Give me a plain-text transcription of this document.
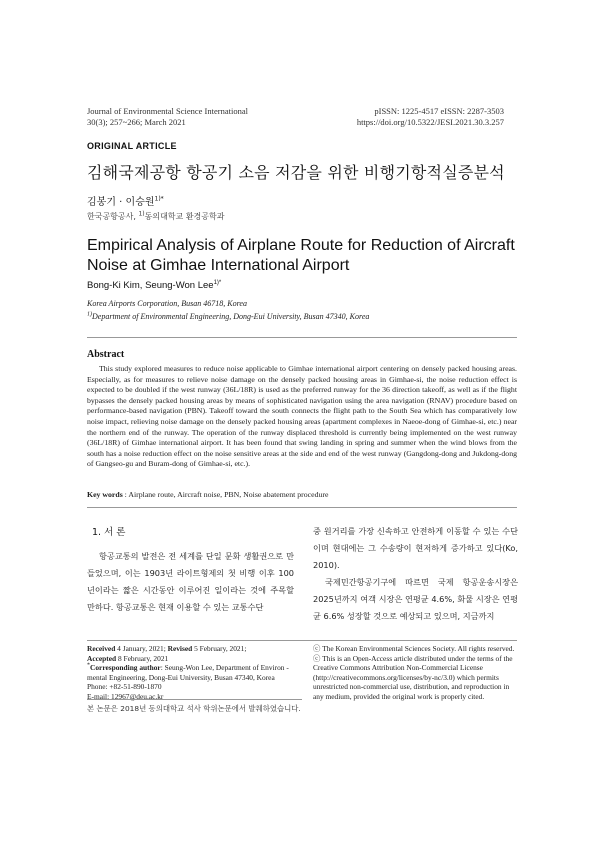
Journal of Environmental Science International
30(3); 257~266; March 2021
pISSN: 1225-4517 eISSN: 2287-3503
https://doi.org/10.5322/JESI.2021.30.3.257
ORIGINAL ARTICLE
김해국제공항 항공기 소음 저감을 위한 비행기항적실증분석
김봉기 · 이승원$^{1)*}$
한국공항공사, $^{1)}$동의대학교 환경공학과
Empirical Analysis of Airplane Route for Reduction of Aircraft Noise at Gimhae International Airport
Bong-Ki Kim, Seung-Won Lee$^{1)*}$
Korea Airports Corporation, Busan 46718, Korea
$^{1)}$Department of Environmental Engineering, Dong-Eui University, Busan 47340, Korea
Abstract
This study explored measures to reduce noise applicable to Gimhae international airport centering on densely packed housing areas. Especially, as for measures to relieve noise damage on the densely packed housing areas in Gimhae-si, the noise reduction effect is expected to be doubled if the west runway (36L/18R) is used as the preferred runway for the 36 direction takeoff, as well as if the flight bypasses the densely packed housing areas by means of sophisticated navigation using the area navigation (RNAV) procedure based on performance-based navigation (PBN). Takeoff toward the south connects the flight path to the South Sea which has comparatively low noise impact, relieving noise damage on the densely packed housing areas (apartment complexes in Naeoe-dong of Gimhae-si, etc.) near the northern end of the runway. The operation of the runway displaced threshold is currently being implemented on the west runway (36L/18R) of Gimhae international airport. It has been found that swing landing in spring and summer when the wind blows from the south has a noise reduction effect on the noise sensitive areas at the side and end of the west runway (Gangdong-dong and Jukdong-dong of Gangseo-gu and Buram-dong of Gimhae-si, etc.).
Key words : Airplane route, Aircraft noise, PBN, Noise abatement procedure
1. 서 론

항공교통의 발전은 전 세계를 단일 문화 생활권으로 만들었으며, 이는 1903년 라이트형제의 첫 비행 이후 100년이라는 짧은 시간동안 이루어진 일이라는 것에 주목할 만하다. 항공교통은 현재 이용할 수 있는 교통수단

중 원거리를 가장 신속하고 안전하게 이동할 수 있는 수단이며 현대에는 그 수송량이 현저하게 증가하고 있다(Ko, 2010).

국제민간항공기구에 따르면 국제 항공운송시장은 2025년까지 여객 시장은 연평균 4.6%, 화물 시장은 연평균 6.6% 성장할 것으로 예상되고 있으며, 지금까지

Received 4 January, 2021; Revised 5 February, 2021;

Accepted 8 February, 2021

*Corresponding author: Seung-Won Lee, Department of Environ -mental Engineering, Dong-Eui University, Busan 47340, Korea

Phone: +82-51-890-1870

E-mail: 12967@deu.ac.kr

ⓒ The Korean Environmental Sciences Society. All rights reserved.

ⓒ This is an Open-Access article distributed under the terms of the Creative Commons Attribution Non-Commercial License (http://creativecommons.org/licenses/by-nc/3.0) which permits unrestricted non-commercial use, distribution, and reproduction in any medium, provided the original work is properly cited.

본 논문은 2018년 동의대학교 석사 학위논문에서 발췌하였습니다.
